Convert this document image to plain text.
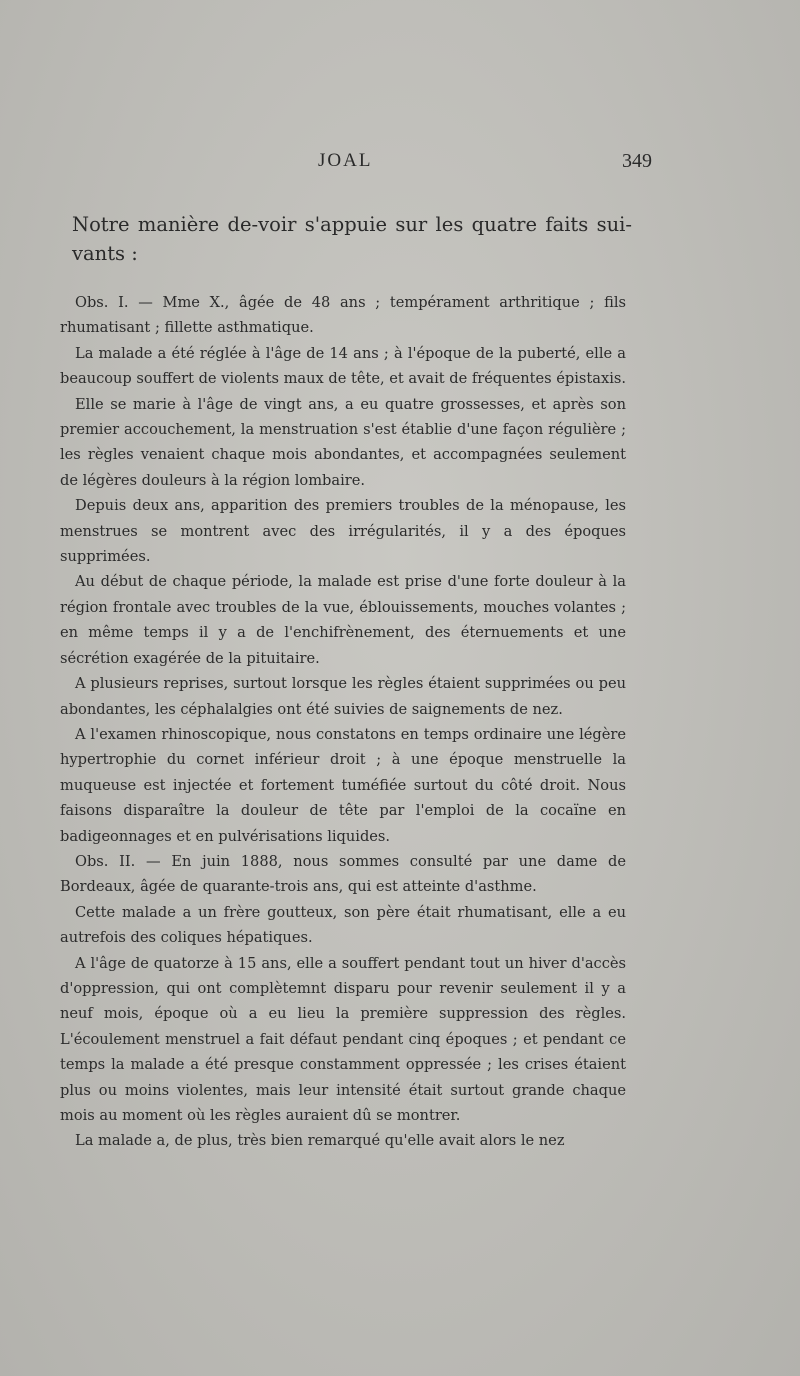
JOAL	349

Notre manière de-voir s'appuie sur les quatre faits sui-vants :

Obs. I. — Mme X., âgée de 48 ans ; tempérament arthritique ; fils rhumatisant ; fillette asthmatique.

La malade a été réglée à l'âge de 14 ans ; à l'époque de la puberté, elle a beaucoup souffert de violents maux de tête, et avait de fréquentes épistaxis.

Elle se marie à l'âge de vingt ans, a eu quatre grossesses, et après son premier accouchement, la menstruation s'est établie d'une façon régulière ; les règles venaient chaque mois abondantes, et accompagnées seulement de légères douleurs à la région lombaire.

Depuis deux ans, apparition des premiers troubles de la ménopause, les menstrues se montrent avec des irrégularités, il y a des époques supprimées.

Au début de chaque période, la malade est prise d'une forte douleur à la région frontale avec troubles de la vue, éblouissements, mouches volantes ; en même temps il y a de l'enchifrènement, des éternuements et une sécrétion exagérée de la pituitaire.

A plusieurs reprises, surtout lorsque les règles étaient supprimées ou peu abondantes, les céphalalgies ont été suivies de saignements de nez.

A l'examen rhinoscopique, nous constatons en temps ordinaire une légère hypertrophie du cornet inférieur droit ; à une époque menstruelle la muqueuse est injectée et fortement tuméfiée surtout du côté droit. Nous faisons disparaître la douleur de tête par l'emploi de la cocaïne en badigeonnages et en pulvérisations liquides.

Obs. II. — En juin 1888, nous sommes consulté par une dame de Bordeaux, âgée de quarante-trois ans, qui est atteinte d'asthme.

Cette malade a un frère goutteux, son père était rhumatisant, elle a eu autrefois des coliques hépatiques.

A l'âge de quatorze à 15 ans, elle a souffert pendant tout un hiver d'accès d'oppression, qui ont complètemnt disparu pour revenir seulement il y a neuf mois, époque où a eu lieu la première suppression des règles. L'écoulement menstruel a fait défaut pendant cinq époques ; et pendant ce temps la malade a été presque constamment oppressée ; les crises étaient plus ou moins violentes, mais leur intensité était surtout grande chaque mois au moment où les règles auraient dû se montrer.

La malade a, de plus, très bien remarqué qu'elle avait alors le nez
